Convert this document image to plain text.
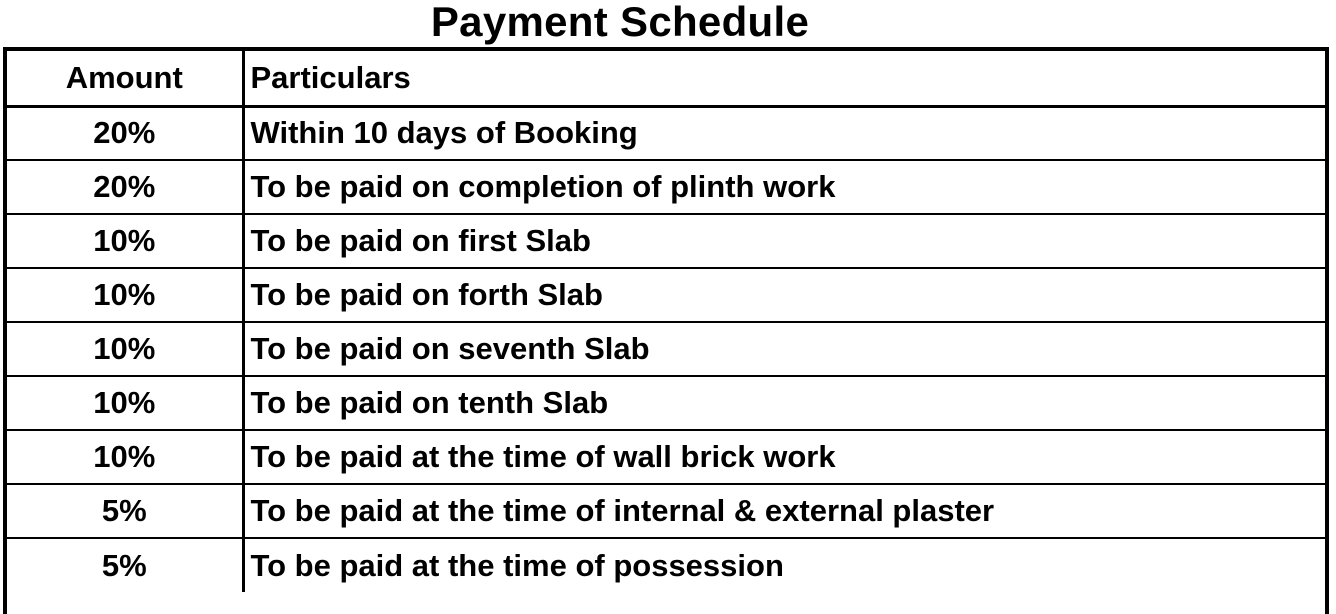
Payment Schedule
Amount	Particulars
20%	Within 10 days of Booking
20%	To be paid on completion of plinth work
10%	To be paid on first Slab
10%	To be paid on forth Slab
10%	To be paid on seventh Slab
10%	To be paid on tenth Slab
10%	To be paid at the time of wall brick work
5%	To be paid at the time of internal & external plaster
5%	To be paid at the time of possession
